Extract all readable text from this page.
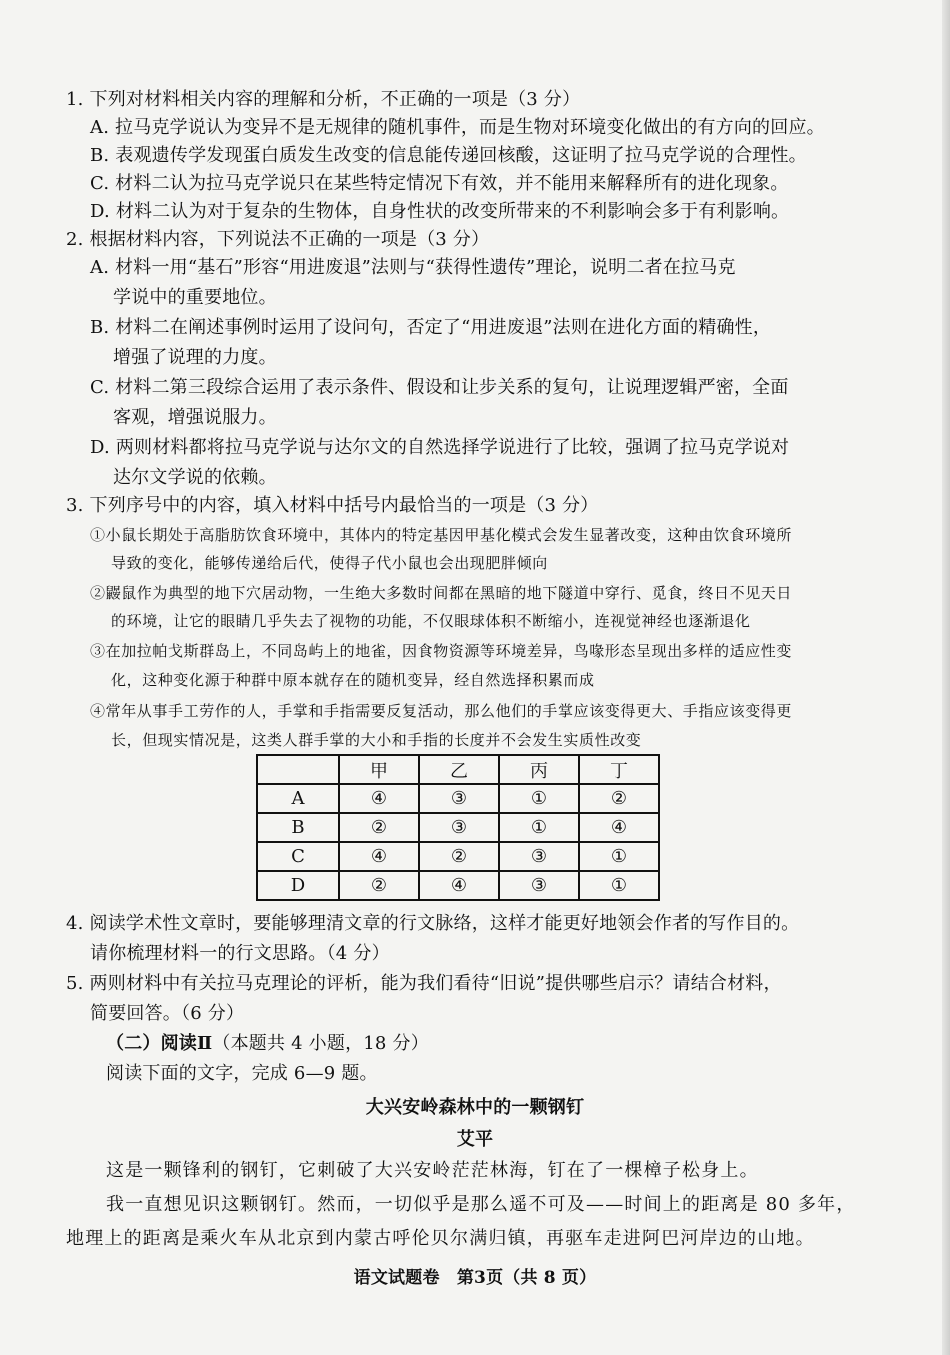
1. 下列对材料相关内容的理解和分析，不正确的一项是（3 分）
A. 拉马克学说认为变异不是无规律的随机事件，而是生物对环境变化做出的有方向的回应。
B. 表观遗传学发现蛋白质发生改变的信息能传递回核酸，这证明了拉马克学说的合理性。
C. 材料二认为拉马克学说只在某些特定情况下有效，并不能用来解释所有的进化现象。
D. 材料二认为对于复杂的生物体，自身性状的改变所带来的不利影响会多于有利影响。
2. 根据材料内容，下列说法不正确的一项是（3 分）
A. 材料一用“基石”形容“用进废退”法则与“获得性遗传”理论，说明二者在拉马克
学说中的重要地位。
B. 材料二在阐述事例时运用了设问句，否定了“用进废退”法则在进化方面的精确性，
增强了说理的力度。
C. 材料二第三段综合运用了表示条件、假设和让步关系的复句，让说理逻辑严密，全面
客观，增强说服力。
D. 两则材料都将拉马克学说与达尔文的自然选择学说进行了比较，强调了拉马克学说对
达尔文学说的依赖。
3. 下列序号中的内容，填入材料中括号内最恰当的一项是（3 分）
①小鼠长期处于高脂肪饮食环境中，其体内的特定基因甲基化模式会发生显著改变，这种由饮食环境所
导致的变化，能够传递给后代，使得子代小鼠也会出现肥胖倾向
②鼹鼠作为典型的地下穴居动物，一生绝大多数时间都在黑暗的地下隧道中穿行、觅食，终日不见天日
的环境，让它的眼睛几乎失去了视物的功能，不仅眼球体积不断缩小，连视觉神经也逐渐退化
③在加拉帕戈斯群岛上，不同岛屿上的地雀，因食物资源等环境差异，鸟喙形态呈现出多样的适应性变
化，这种变化源于种群中原本就存在的随机变异，经自然选择积累而成
④常年从事手工劳作的人，手掌和手指需要反复活动，那么他们的手掌应该变得更大、手指应该变得更
长，但现实情况是，这类人群手掌的大小和手指的长度并不会发生实质性改变
	甲	乙	丙	丁
A	④	③	①	②
B	②	③	①	④
C	④	②	③	①
D	②	④	③	①
4. 阅读学术性文章时，要能够理清文章的行文脉络，这样才能更好地领会作者的写作目的。
请你梳理材料一的行文思路。（4 分）
5. 两则材料中有关拉马克理论的评析，能为我们看待“旧说”提供哪些启示？请结合材料，
简要回答。（6 分）
（二）阅读Ⅱ（本题共 4 小题，18 分）
阅读下面的文字，完成 6—9 题。
大兴安岭森林中的一颗钢钉
艾平
这是一颗锋利的钢钉，它刺破了大兴安岭茫茫林海，钉在了一棵樟子松身上。
我一直想见识这颗钢钉。然而，一切似乎是那么遥不可及——时间上的距离是 80 多年，
地理上的距离是乘火车从北京到内蒙古呼伦贝尔满归镇，再驱车走进阿巴河岸边的山地。
语文试题卷　第3页（共 8 页）
